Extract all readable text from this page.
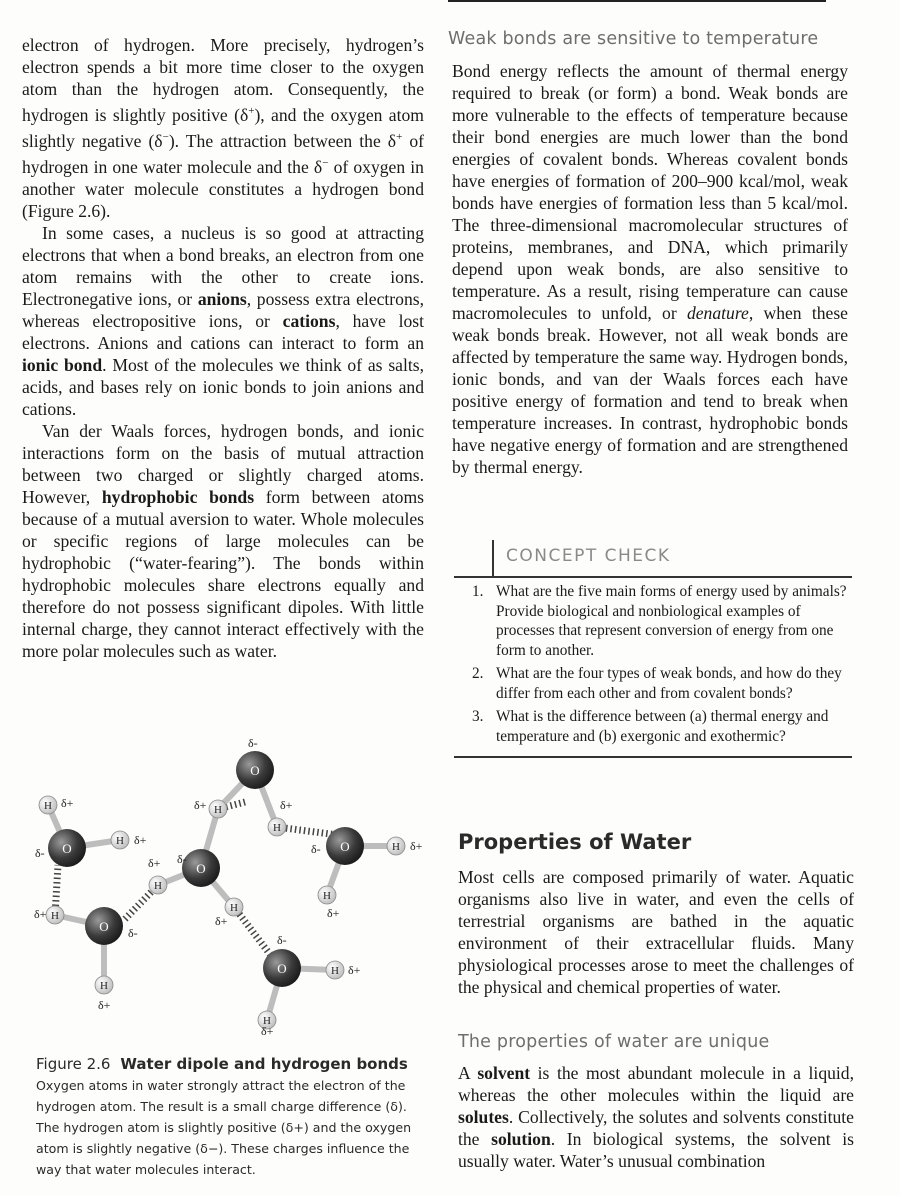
electron of hydrogen. More precisely, hydrogen’s electron spends a bit more time closer to the oxygen atom than the hydrogen atom. Consequently, the hydrogen is slightly positive (δ+), and the oxygen atom slightly negative (δ−). The attraction between the δ+ of hydrogen in one water molecule and the δ− of oxygen in another water molecule constitutes a hydrogen bond (Figure 2.6).

In some cases, a nucleus is so good at attracting electrons that when a bond breaks, an electron from one atom remains with the other to create ions. Electronegative ions, or anions, possess extra electrons, whereas electropositive ions, or cations, have lost electrons. Anions and cations can interact to form an ionic bond. Most of the molecules we think of as salts, acids, and bases rely on ionic bonds to join anions and cations.

Van der Waals forces, hydrogen bonds, and ionic interactions form on the basis of mutual attraction between two charged or slightly charged atoms. However, hydrophobic bonds form between atoms because of a mutual aversion to water. Whole molecules or specific regions of large molecules can be hydrophobic (“water-fearing”). The bonds within hydrophobic molecules share electrons equally and therefore do not possess significant dipoles. With little internal charge, they cannot interact effectively with the more polar molecules such as water.

O
H
H
δ+
δ+
δ-
O
H
H
δ+
δ-
δ+
O
H
H
δ-
δ+
δ+
O
H
H
δ-
δ+	δ+
O	H
H
δ-	δ+
δ+
O	H
H
δ-
δ+
δ+
Figure 2.6 Water dipole and hydrogen bonds
Oxygen atoms in water strongly attract the electron of the hydrogen atom. The result is a small charge difference (δ). The hydrogen atom is slightly positive (δ+) and the oxygen atom is slightly negative (δ−). These charges influence the way that water molecules interact.
Weak bonds are sensitive to temperature

Bond energy reflects the amount of thermal energy required to break (or form) a bond. Weak bonds are more vulnerable to the effects of temperature because their bond energies are much lower than the bond energies of covalent bonds. Whereas covalent bonds have energies of formation of 200–900 kcal/mol, weak bonds have energies of formation less than 5 kcal/mol. The three-dimensional macromolecular structures of proteins, membranes, and DNA, which primarily depend upon weak bonds, are also sensitive to temperature. As a result, rising temperature can cause macromolecules to unfold, or denature, when these weak bonds break. However, not all weak bonds are affected by temperature the same way. Hydrogen bonds, ionic bonds, and van der Waals forces each have positive energy of formation and tend to break when temperature increases. In contrast, hydrophobic bonds have negative energy of formation and are strengthened by thermal energy.

CONCEPT CHECK
1. What are the five main forms of energy used by animals? Provide biological and nonbiological examples of processes that represent conversion of energy from one form to another.
2. What are the four types of weak bonds, and how do they differ from each other and from covalent bonds?
3. What is the difference between (a) thermal energy and temperature and (b) exergonic and exothermic?
Properties of Water

Most cells are composed primarily of water. Aquatic organisms also live in water, and even the cells of terrestrial organisms are bathed in the aquatic environment of their extracellular fluids. Many physiological processes arose to meet the challenges of the physical and chemical properties of water.

The properties of water are unique

A solvent is the most abundant molecule in a liquid, whereas the other molecules within the liquid are solutes. Collectively, the solutes and solvents constitute the solution. In biological systems, the solvent is usually water. Water’s unusual combination
